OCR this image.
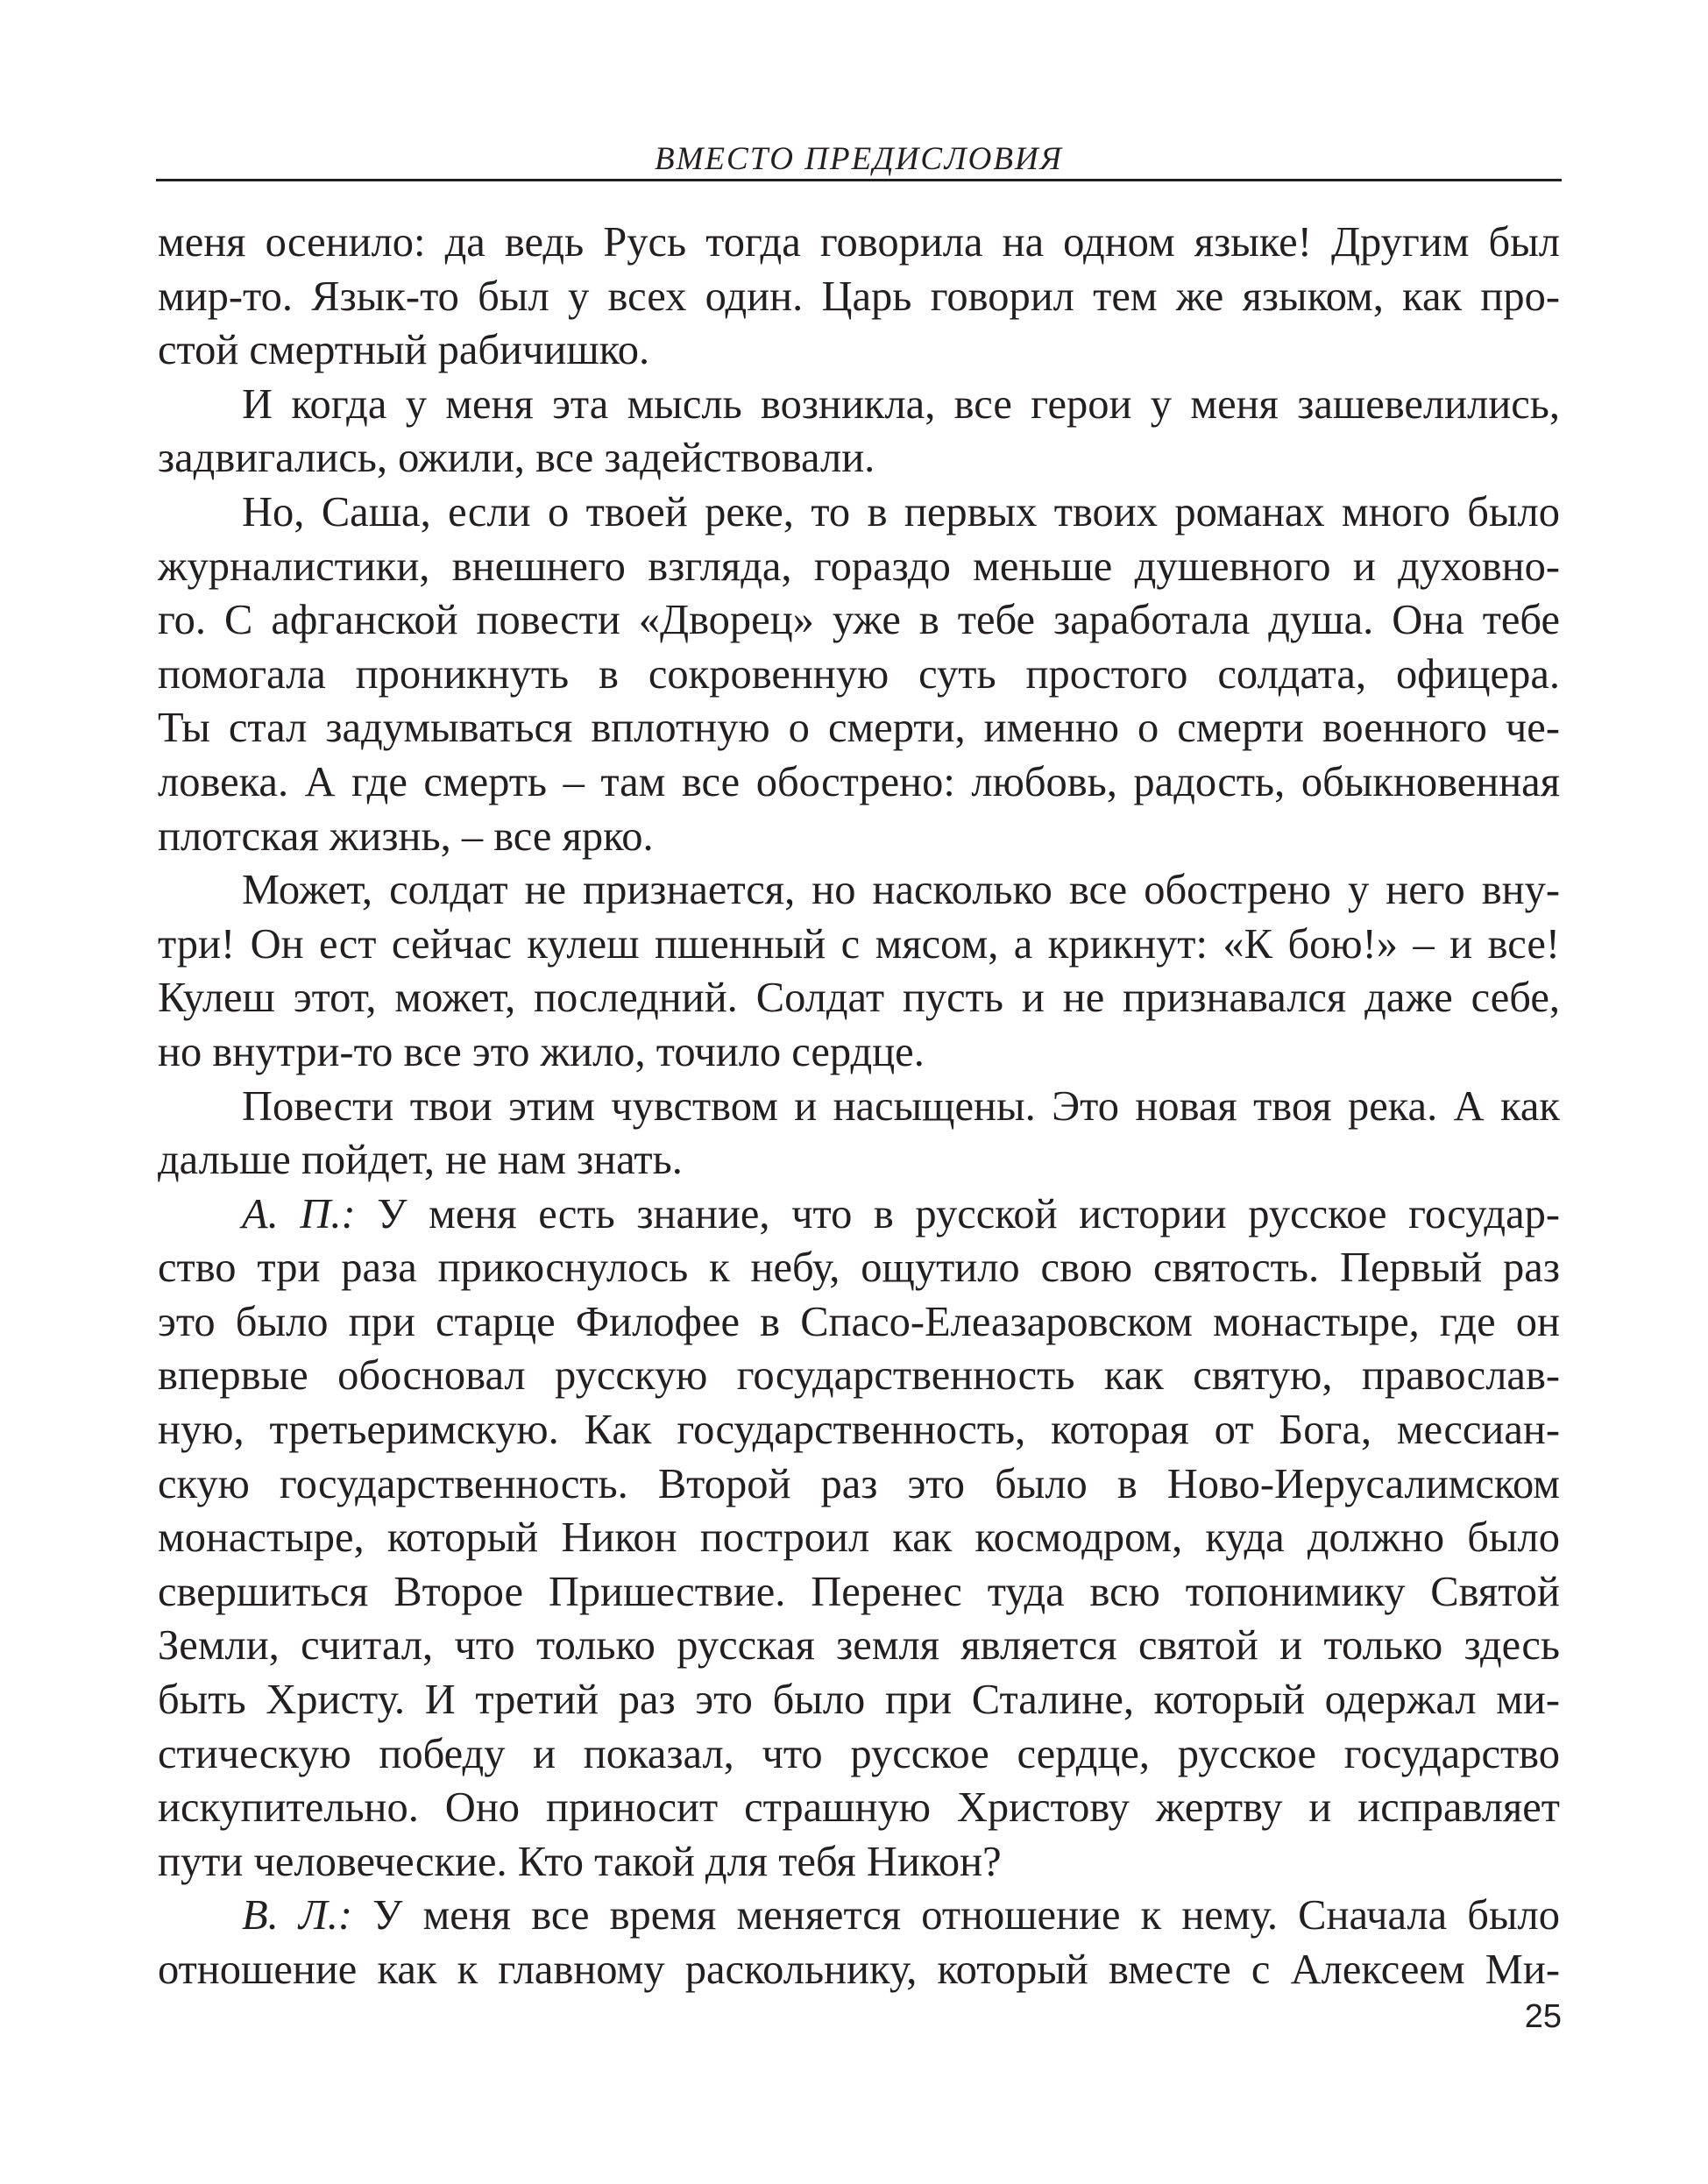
ВМЕСТО ПРЕДИСЛОВИЯ

меня осенило: да ведь Русь тогда говорила на одном языке! Другим был

мир-то. Язык-то был у всех один. Царь говорил тем же языком, как про-

стой смертный рабичишко.

И когда у меня эта мысль возникла, все герои у меня зашевелились,

задвигались, ожили, все задействовали.

Но, Саша, если о твоей реке, то в первых твоих романах много было

журналистики, внешнего взгляда, гораздо меньше душевного и духовно-

го. С афганской повести «Дворец» уже в тебе заработала душа. Она тебе

помогала проникнуть в сокровенную суть простого солдата, офицера.

Ты стал задумываться вплотную о смерти, именно о смерти военного че-

ловека. А где смерть – там все обострено: любовь, радость, обыкновенная

плотская жизнь, – все ярко.

Может, солдат не признается, но насколько все обострено у него вну-

три! Он ест сейчас кулеш пшенный с мясом, а крикнут: «К бою!» – и все!

Кулеш этот, может, последний. Солдат пусть и не признавался даже себе,

но внутри-то все это жило, точило сердце.

Повести твои этим чувством и насыщены. Это новая твоя река. А как

дальше пойдет, не нам знать.

А. П.: У меня есть знание, что в русской истории русское государ-

ство три раза прикоснулось к небу, ощутило свою святость. Первый раз

это было при старце Филофее в Спасо-Елеазаровском монастыре, где он

впервые обосновал русскую государственность как святую, православ-

ную, третьеримскую. Как государственность, которая от Бога, мессиан-

скую государственность. Второй раз это было в Ново-Иерусалимском

монастыре, который Никон построил как космодром, куда должно было

свершиться Второе Пришествие. Перенес туда всю топонимику Святой

Земли, считал, что только русская земля является святой и только здесь

быть Христу. И третий раз это было при Сталине, который одержал ми-

стическую победу и показал, что русское сердце, русское государство

искупительно. Оно приносит страшную Христову жертву и исправляет

пути человеческие. Кто такой для тебя Никон?

В. Л.: У меня все время меняется отношение к нему. Сначала было

отношение как к главному раскольнику, который вместе с Алексеем Ми-

25
